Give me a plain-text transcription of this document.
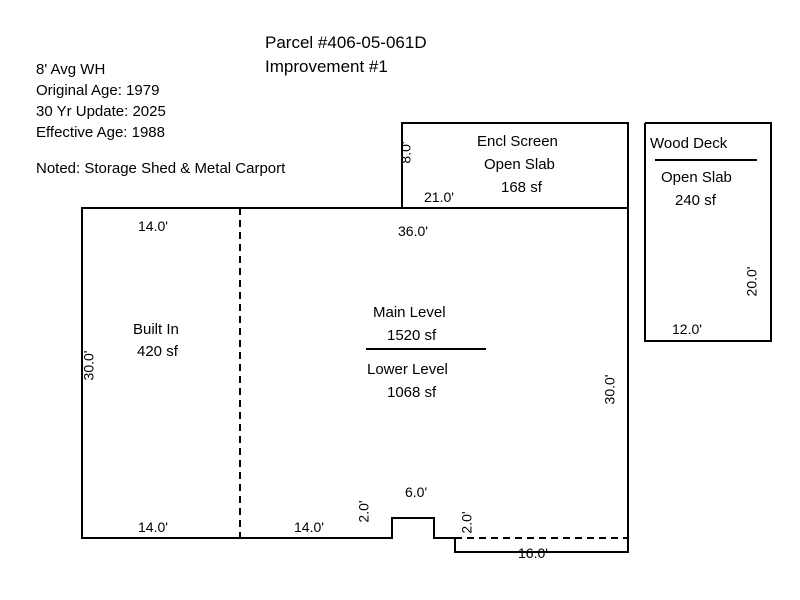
Parcel #406-05-061D
Improvement #1
8' Avg WH
Original Age: 1979
30 Yr Update: 2025
Effective Age: 1988
Noted: Storage Shed & Metal Carport
Encl Screen
Open Slab
168 sf
Wood Deck
Open Slab
240 sf
Built In
420 sf
Main Level
1520 sf
Lower Level
1068 sf
14.0'
14.0'
30.0'
36.0'
30.0'
14.0'
8.0'
21.0'
20.0'
12.0'
2.0'	2.0'
6.0'
16.0'
